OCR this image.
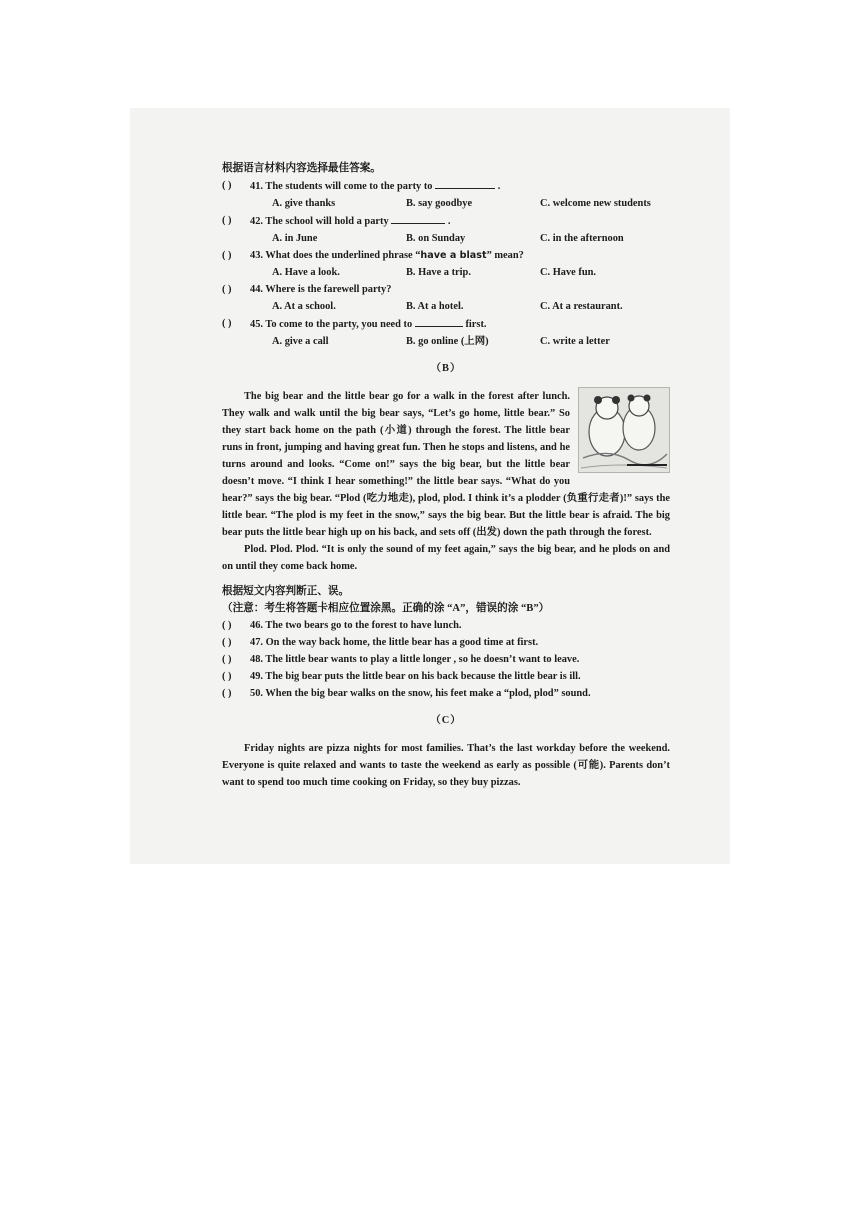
根据语言材料内容选择最佳答案。
( )	41. The students will come to the party to	.
A. give thanks	B. say goodbye	C. welcome new students
( )	42. The school will hold a party	.
A. in June	B. on Sunday	C. in the afternoon
( )	43. What does the underlined phrase “have a blast” mean?
A. Have a look.	B. Have a trip.	C. Have fun.
( )	44. Where is the farewell party?
A. At a school.	B. At a hotel.	C. At a restaurant.
( )	45. To come to the party, you need to	first.
A. give a call	B. go online (上网)	C. write a letter
（B）

The big bear and the little bear go for a walk in the forest after lunch. They walk and walk until the big bear says, “Let’s go home, little bear.” So they start back home on the path (小道) through the forest. The little bear runs in front, jumping and having great fun. Then he stops and listens, and he turns around and looks. “Come on!” says the big bear, but the little bear doesn’t move. “I think I hear something!” the little bear says. “What do you hear?” says the big bear. “Plod (吃力地走), plod, plod. I think it’s a plodder (负重行走者)!” says the little bear. “The plod is my feet in the snow,” says the big bear. But the little bear is afraid. The big bear puts the little bear high up on his back, and sets off (出发) down the path through the forest.

Plod. Plod. Plod. “It is only the sound of my feet again,” says the big bear, and he plods on and on until they come back home.

根据短文内容判断正、误。
（注意：考生将答题卡相应位置涂黑。正确的涂 “A”，错误的涂 “B”）
( )	46. The two bears go to the forest to have lunch.
( )	47. On the way back home, the little bear has a good time at first.
( )	48. The little bear wants to play a little longer , so he doesn’t want to leave.
( )	49. The big bear puts the little bear on his back because the little bear is ill.
( )	50. When the big bear walks on the snow, his feet make a “plod, plod” sound.
（C）

Friday nights are pizza nights for most families. That’s the last workday before the weekend. Everyone is quite relaxed and wants to taste the weekend as early as possible (可能). Parents don’t want to spend too much time cooking on Friday, so they buy pizzas.
